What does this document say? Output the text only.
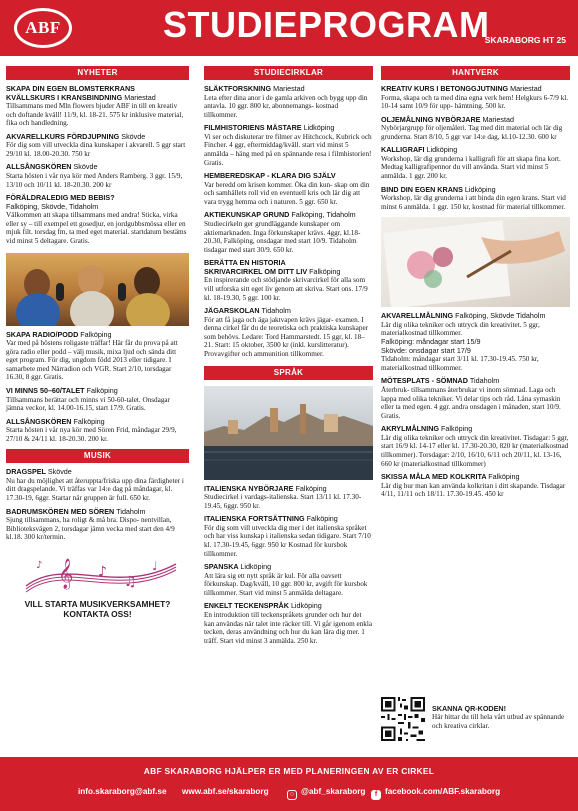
ABF	STUDIEPROGRAM
SKARABORG HT 25
NYHETER
SKAPA DIN EGEN BLOMSTERKRANS
KVÄLLSKURS I KRANSBINDNING Mariestad
Tillsammans med Mln flowers bjuder ABF in till en kreativ och doftande kväll! 11/9, kl. 18-21. 575 kr inklusive material, fika och handledning.
AKVARELLKURS FÖRDJUPNING Skövde
För dig som vill utveckla dina kunskaper i akvarell. 5 ggr start 29/10 kl. 18.00-20.30. 750 kr
ALLSÅNGSKÖREN Skövde
Starta hösten i vår nya kör med Anders Ramberg. 3 ggr. 15/9, 13/10 och 10/11 kl. 18-20.30. 200 kr
FÖRÄLDRALEDIG MED BEBIS?
Falköping, Skövde, Tidaholm
Välkommen att skapa tillsammans med andra! Sticka, virka eller sy – till exempel ett gosedjur, en jordgubbsmössa eller en mjuk filt. torsdag fm, ta med eget material. startdatum bestäms vid minst 5 deltagare. Gratis.
SKAPA RADIO/PODD Falköping
Var med på höstens roligaste träffar! Här får du prova på att göra radio eller podd – välj musik, mixa ljud och sända ditt eget program. För dig, ungdom född 2013 eller tidigare. I samarbete med Närradion och VGR. Start 2/10, torsdagar 16.30, 8 ggr. Gratis.
VI MINNS 50–60/TALET Falköping
Tillsammans berättar och minns vi 50-60-talet. Onsdagar jämna veckor, kl. 14.00-16.15, start 17/9. Gratis.
ALLSÅNGSKÖREN Falköping
Starta hösten i vår nya kör med Sören Frid, måndagar 29/9, 27/10 & 24/11 kl. 18-20.30. 200 kr.
MUSIK
DRAGSPEL Skövde
Nu har du möjlighet att återuppta/friska upp dina färdigheter i ditt dragspelande. Vi träffas var 14:e dag på måndagar, kl. 17.30-19, 6ggr. Startar när gruppen är full. 650 kr.
BADRUMSKÖREN MED SÖREN Tidaholm
Sjung tillsammans, ha roligt & må bra. Dispo- nentvillan, Biblioteksvägen 2, torsdagar jämn vecka med start den 4/9 kl.18. 300 kr/termin.
𝄞 ♪
♫
♩
♪
VILL STARTA MUSIKVERKSAMHET? KONTAKTA OSS!
STUDIECIRKLAR
SLÄKTFORSKNING Mariestad
Leta efter dina anor i de gamla arkiven och bygg upp din antavla. 10 ggr. 800 kr, abonnemangs- kostnad tillkommer.
FILMHISTORIENS MÄSTARE Lidköping
Vi ser och diskuterar tre filmer av Hitchcock, Kubrick och Fincher. 4 ggr, eftermiddag/kväll. start vid minst 5 anmälda – häng med på en spännande resa i filmhistorien! Gratis.
HEMBEREDSKAP - KLARA DIG SJÄLV
Var beredd om krisen kommer. Öka din kun- skap om din och samhällets roll vid en eventuell kris och lär dig att vara trygg hemma och i naturen. 5 ggr. 650 kr.
AKTIEKUNSKAP GRUND Falköping, Tidaholm
Studiecirkeln ger grundläggande kunskaper om aktiemarknaden. Inga förkunskaper krävs. 4ggr, kl.18-20.30, Falköping, onsdagar med start 10/9. Tidaholm tisdagar med start 30/9. 650 kr.
BERÄTTA EN HISTORIA
SKRIVARCIRKEL OM DITT LIV Falköping
En inspirerande och stödjande skrivarcirkel för alla som vill utforska sitt eget liv genom att skriva. Start ons. 17/9 kl. 18-19.30, 5 ggr. 100 kr.
JÄGARSKOLAN Tidaholm
För att få jaga och äga jaktvapen krävs jägar- examen. I denna cirkel får du de teoretiska och praktiska kunskaper som behövs. Ledare: Tord Hammarstedt. 15 ggr, kl. 18–21. Start: 15 oktober, 3500 kr (inkl. kurslitteratur). Provavgifter och ammunition tillkommer.
SPRÅK
ITALIENSKA NYBÖRJARE Falköping
Studiecirkel i vardags-italienska. Start 13/11 kl. 17.30-19.45, 6ggr. 950 kr.
ITALIENSKA FORTSÄTTNING Falköping
För dig som vill utveckla dig mer i det italienska språket och har viss kunskap i italienska sedan tidigare. Start 7/10 kl. 17.30-19.45, 6ggr. 950 kr Kostnad för kursbok tillkommer.
SPANSKA Lidköping
Att lära sig ett nytt språk är kul. För alla oavsett förkunskap. Dag/kväll, 10 ggr. 800 kr, avgift för kursbok tillkommer. Start vid minst 5 anmälda deltagare.
ENKELT TECKENSPRÅK Lidköping
En introduktion till teckenspråkets grunder och hur det kan användas när talet inte räcker till. Vi går igenom enkla tecken, deras användning och hur du kan lära dig mer. 1 träff. Start vid minst 3 anmälda. 250 kr.
HANTVERK
KREATIV KURS I BETONGGJUTNING Mariestad
Forma, skapa och ta med dina egna verk hem! Helgkurs 6-7/9 kl. 10-14 samt 10/9 för upp- hämtning. 500 kr.
OLJEMÅLNING NYBÖRJARE Mariestad
Nybörjargrupp för oljemåleri. Tag med ditt material och lär dig grunderna. Start 8/10, 5 ggr var 14:e dag, kl.10-12.30. 600 kr
KALLIGRAFI Lidköping
Workshop, lär dig grunderna i kalligrafi för att skapa fina kort. Medtag kalligrafipennor du vill använda. Start vid minst 5 anmälda. 1 ggr. 200 kr.
BIND DIN EGEN KRANS Lidköping
Workshop, lär dig grunderna i att binda din egen krans. Start vid minst 6 anmälda. 1 ggr. 150 kr, kostnad för material tillkommer.
AKVARELLMÅLNING Falköping, Skövde Tidaholm
Lär dig olika tekniker och uttryck din kreativitet. 5 ggr, materialkostnad tillkommer.
Falköping: måndagar start 15/9
Skövde: onsdagar start 17/9
Tidaholm: måndagar start 3/11 kl. 17.30-19.45. 750 kr, materialkostnad tillkommer.
MÖTESPLATS - SÖMNAD Tidaholm
Återbruk- tillsammans återbrukar vi inom sömnad. Laga och lappa med olika tekniker. Vi delar tips och råd. Låna symaskin eller ta med egen. 4 ggr. andra onsdagen i månaden, start 10/9. Gratis.
AKRYLMÅLNING Falköping
Lär dig olika tekniker och uttryck din kreativitet. Tisdagar: 5 ggr, start 16/9 kl. 14-17 eller kl. 17.30-20.30, 820 kr (materialkostnad tillkommer). Torsdagar: 2/10, 16/10, 6/11 och 20/11, kl. 13-16, 660 kr (materialkostnad tillkommer)
SKISSA MÅLA MED KOLKRITA Falköping
Lär dig hur man kan använda kolkritan i ditt skapande. Tisdagar 4/11, 11/11 och 18/11. 17.30-19.45. 450 kr
SKANNA QR-KODEN!
Här hittar du till hela vårt utbud av spännande och kreativa cirklar.
ABF SKARABORG HJÄLPER ER MED PLANERINGEN AV ER CIRKEL
info.skaraborg@abf.se www.abf.se/skaraborg	○ @abf_skaraborg	f facebook.com/ABF.skaraborg
